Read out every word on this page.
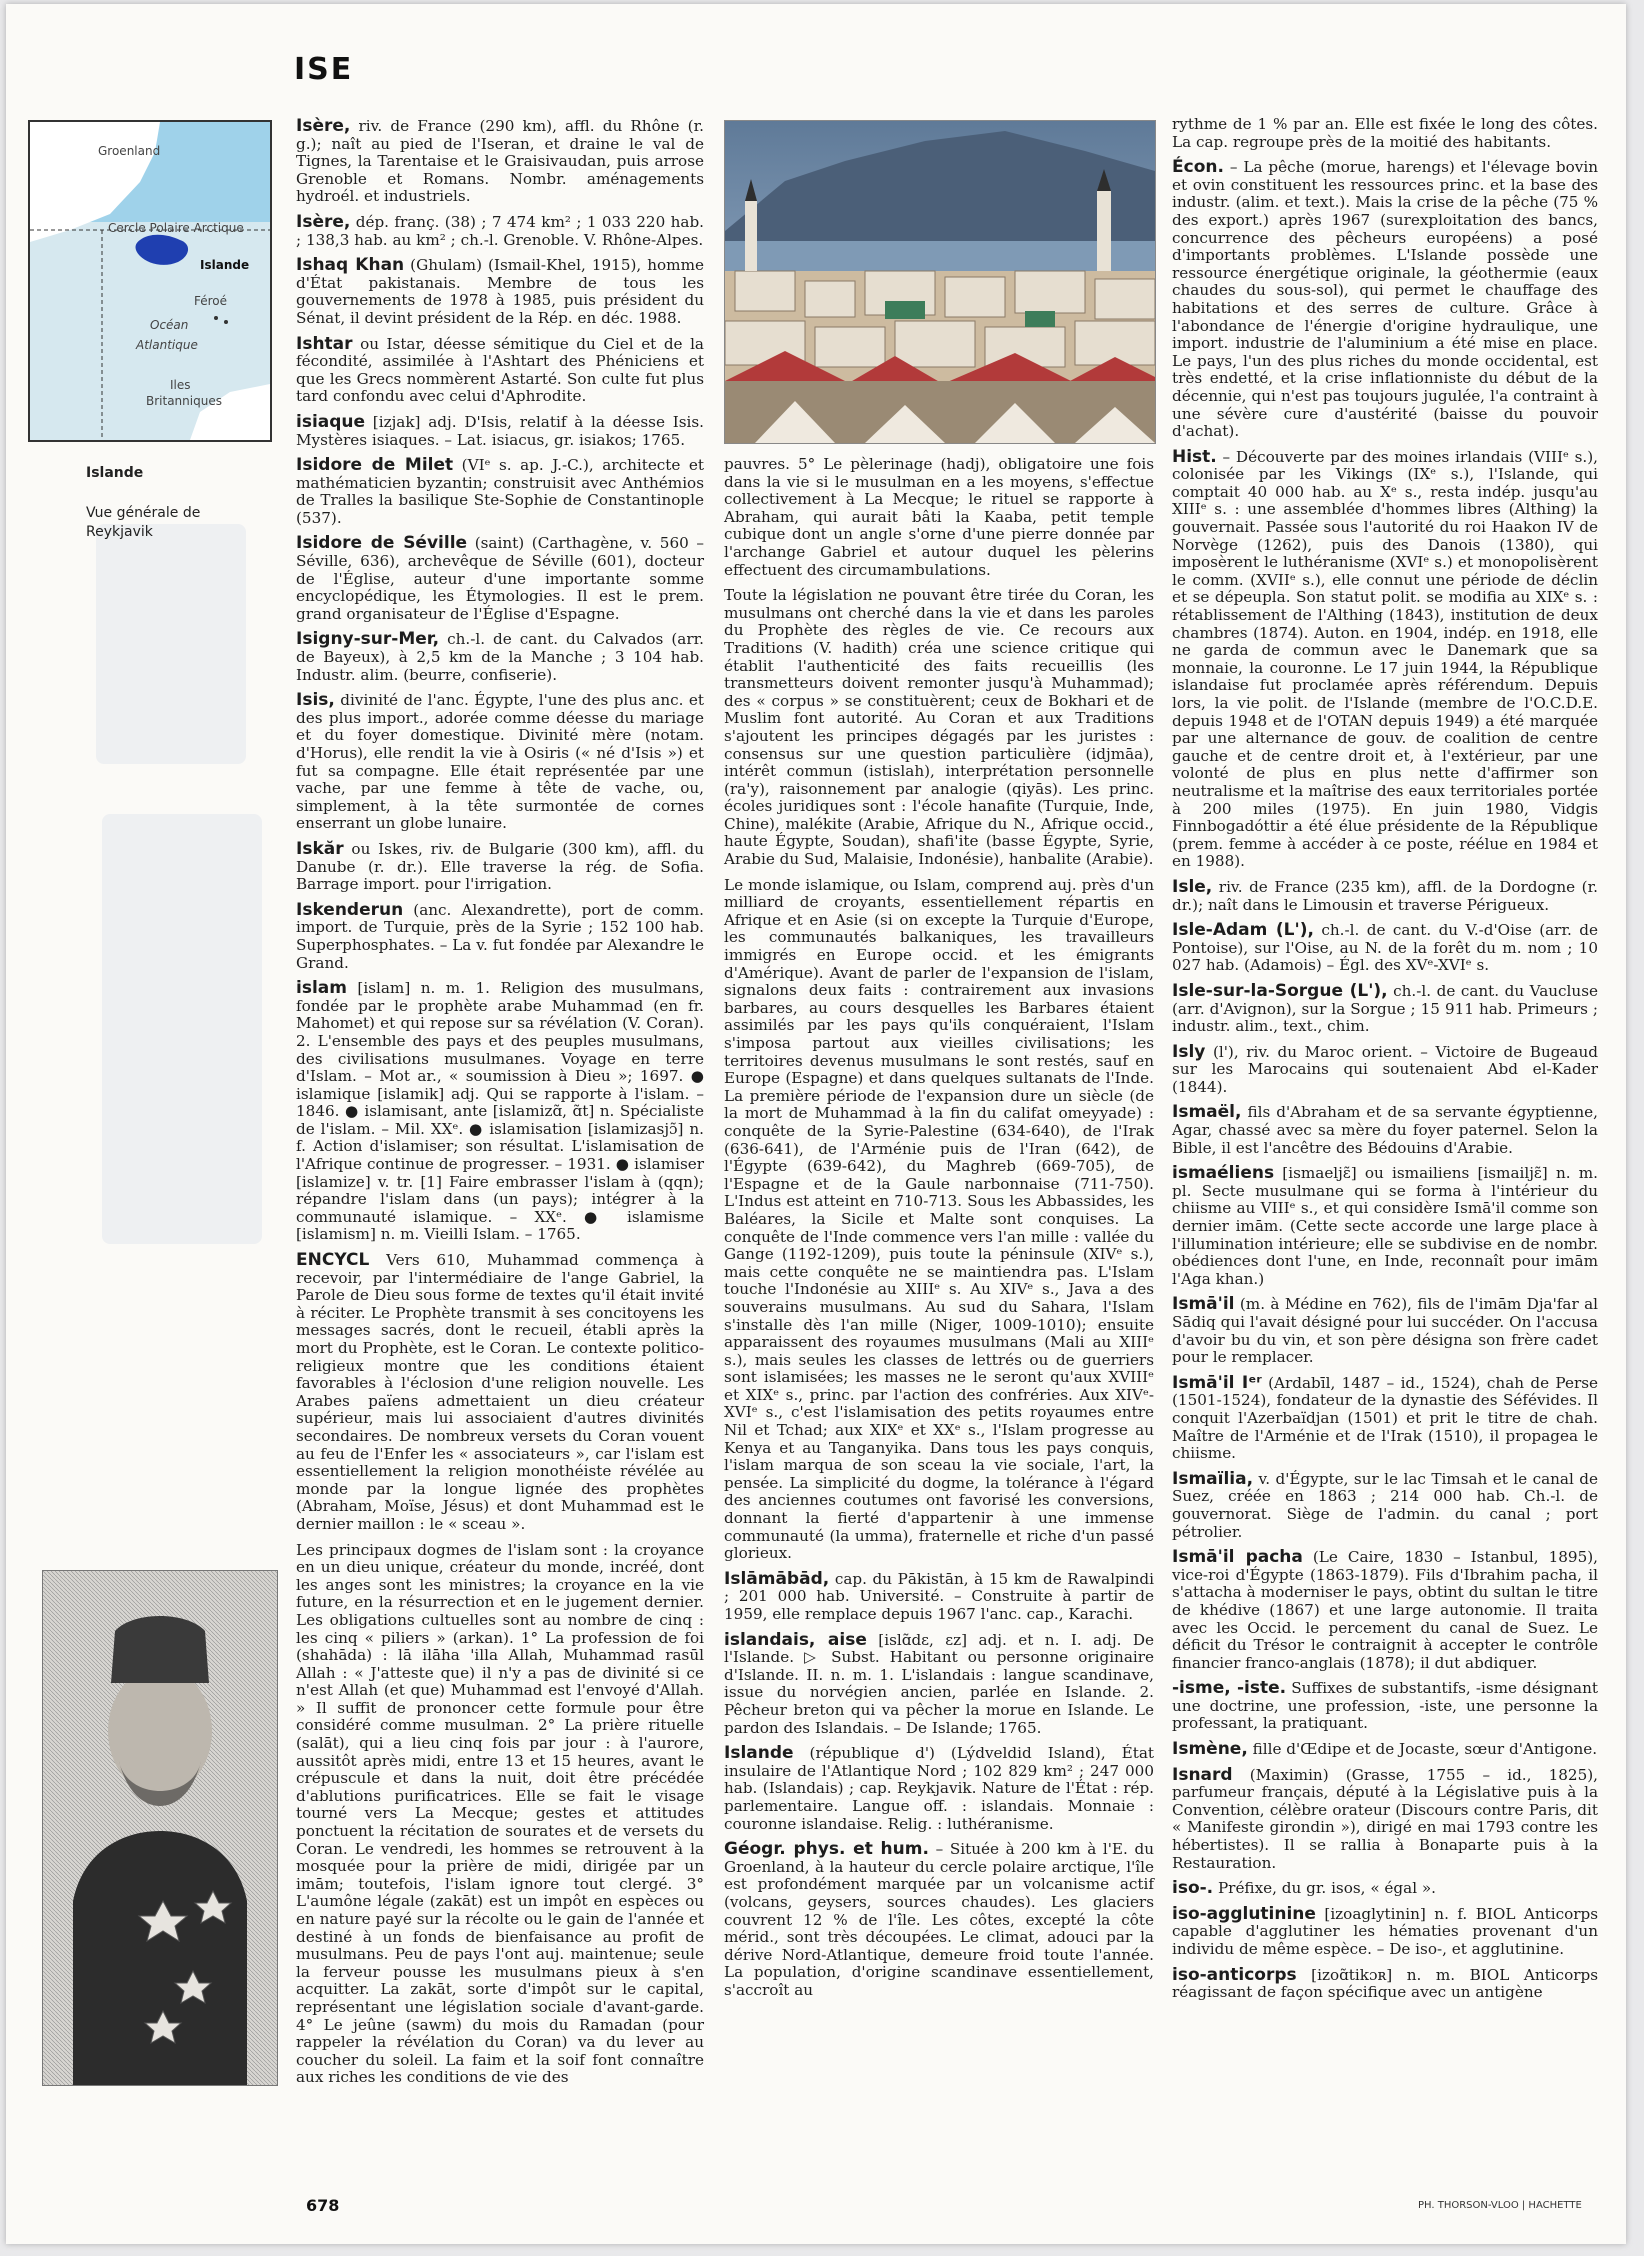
ISE
Groenland
Cercle Polaire Arctique
Islande
Féroé
Océan
Atlantique
Iles
Britanniques
Islande
Vue générale de Reykjavik

Isère, riv. de France (290 km), affl. du Rhône (r. g.); naît au pied de l'Iseran, et draine le val de Tignes, la Tarentaise et le Graisivaudan, puis arrose Grenoble et Romans. Nombr. aménagements hydroél. et industriels.

Isère, dép. franç. (38) ; 7 474 km² ; 1 033 220 hab. ; 138,3 hab. au km² ; ch.-l. Grenoble. V. Rhône-Alpes.

Ishaq Khan (Ghulam) (Ismail-Khel, 1915), homme d'État pakistanais. Membre de tous les gouvernements de 1978 à 1985, puis président du Sénat, il devint président de la Rép. en déc. 1988.

Ishtar ou Istar, déesse sémitique du Ciel et de la fécondité, assimilée à l'Ashtart des Phéniciens et que les Grecs nommèrent Astarté. Son culte fut plus tard confondu avec celui d'Aphrodite.

isiaque [izjak] adj. D'Isis, relatif à la déesse Isis. Mystères isiaques. – Lat. isiacus, gr. isiakos; 1765.

Isidore de Milet (VIᵉ s. ap. J.-C.), architecte et mathématicien byzantin; construisit avec Anthémios de Tralles la basilique Ste-Sophie de Constantinople (537).

Isidore de Séville (saint) (Carthagène, v. 560 – Séville, 636), archevêque de Séville (601), docteur de l'Église, auteur d'une importante somme encyclopédique, les Étymologies. Il est le prem. grand organisateur de l'Église d'Espagne.

Isigny-sur-Mer, ch.-l. de cant. du Calvados (arr. de Bayeux), à 2,5 km de la Manche ; 3 104 hab. Industr. alim. (beurre, confiserie).

Isis, divinité de l'anc. Égypte, l'une des plus anc. et des plus import., adorée comme déesse du mariage et du foyer domestique. Divinité mère (notam. d'Horus), elle rendit la vie à Osiris (« né d'Isis ») et fut sa compagne. Elle était représentée par une vache, par une femme à tête de vache, ou, simplement, à la tête surmontée de cornes enserrant un globe lunaire.

Iskăr ou Iskes, riv. de Bulgarie (300 km), affl. du Danube (r. dr.). Elle traverse la rég. de Sofia. Barrage import. pour l'irrigation.

Iskenderun (anc. Alexandrette), port de comm. import. de Turquie, près de la Syrie ; 152 100 hab. Superphosphates. – La v. fut fondée par Alexandre le Grand.

islam [islam] n. m. 1. Religion des musulmans, fondée par le prophète arabe Muhammad (en fr. Mahomet) et qui repose sur sa révélation (V. Coran). 2. L'ensemble des pays et des peuples musulmans, des civilisations musulmanes. Voyage en terre d'Islam. – Mot ar., « soumission à Dieu »; 1697. ● islamique [islamik] adj. Qui se rapporte à l'islam. – 1846. ● islamisant, ante [islamizɑ̃, ɑ̃t] n. Spécialiste de l'islam. – Mil. XXᵉ. ● islamisation [islamizasjɔ̃] n. f. Action d'islamiser; son résultat. L'islamisation de l'Afrique continue de progresser. – 1931. ● islamiser [islamize] v. tr. [1] Faire embrasser l'islam à (qqn); répandre l'islam dans (un pays); intégrer à la communauté islamique. – XXᵉ. ● islamisme [islamism] n. m. Vieilli Islam. – 1765.

ENCYCL Vers 610, Muhammad commença à recevoir, par l'intermédiaire de l'ange Gabriel, la Parole de Dieu sous forme de textes qu'il était invité à réciter. Le Prophète transmit à ses concitoyens les messages sacrés, dont le recueil, établi après la mort du Prophète, est le Coran. Le contexte politico-religieux montre que les conditions étaient favorables à l'éclosion d'une religion nouvelle. Les Arabes païens admettaient un dieu créateur supérieur, mais lui associaient d'autres divinités secondaires. De nombreux versets du Coran vouent au feu de l'Enfer les « associateurs », car l'islam est essentiellement la religion monothéiste révélée au monde par la longue lignée des prophètes (Abraham, Moïse, Jésus) et dont Muhammad est le dernier maillon : le « sceau ».

Les principaux dogmes de l'islam sont : la croyance en un dieu unique, créateur du monde, incréé, dont les anges sont les ministres; la croyance en la vie future, en la résurrection et en le jugement dernier. Les obligations cultuelles sont au nombre de cinq : les cinq « piliers » (arkan). 1° La profession de foi (shahāda) : lā ilāha 'illa Allah, Muhammad rasūl Allah : « J'atteste que) il n'y a pas de divinité si ce n'est Allah (et que) Muhammad est l'envoyé d'Allah. » Il suffit de prononcer cette formule pour être considéré comme musulman. 2° La prière rituelle (salāt), qui a lieu cinq fois par jour : à l'aurore, aussitôt après midi, entre 13 et 15 heures, avant le crépuscule et dans la nuit, doit être précédée d'ablutions purificatrices. Elle se fait le visage tourné vers La Mecque; gestes et attitudes ponctuent la récitation de sourates et de versets du Coran. Le vendredi, les hommes se retrouvent à la mosquée pour la prière de midi, dirigée par un imām; toutefois, l'islam ignore tout clergé. 3° L'aumône légale (zakāt) est un impôt en espèces ou en nature payé sur la récolte ou le gain de l'année et destiné à un fonds de bienfaisance au profit de musulmans. Peu de pays l'ont auj. maintenue; seule la ferveur pousse les musulmans pieux à s'en acquitter. La zakāt, sorte d'impôt sur le capital, représentant une législation sociale d'avant-garde. 4° Le jeûne (sawm) du mois du Ramadan (pour rappeler la révélation du Coran) va du lever au coucher du soleil. La faim et la soif font connaître aux riches les conditions de vie des

pauvres. 5° Le pèlerinage (hadj), obligatoire une fois dans la vie si le musulman en a les moyens, s'effectue collectivement à La Mecque; le rituel se rapporte à Abraham, qui aurait bâti la Kaaba, petit temple cubique dont un angle s'orne d'une pierre donnée par l'archange Gabriel et autour duquel les pèlerins effectuent des circumambulations.

Toute la législation ne pouvant être tirée du Coran, les musulmans ont cherché dans la vie et dans les paroles du Prophète des règles de vie. Ce recours aux Traditions (V. hadith) créa une science critique qui établit l'authenticité des faits recueillis (les transmetteurs doivent remonter jusqu'à Muhammad); des « corpus » se constituèrent; ceux de Bokhari et de Muslim font autorité. Au Coran et aux Traditions s'ajoutent les principes dégagés par les juristes : consensus sur une question particulière (idjmāa), intérêt commun (istislah), interprétation personnelle (ra'y), raisonnement par analogie (qiyās). Les princ. écoles juridiques sont : l'école hanafite (Turquie, Inde, Chine), malékite (Arabie, Afrique du N., Afrique occid., haute Égypte, Soudan), shafi'ite (basse Égypte, Syrie, Arabie du Sud, Malaisie, Indonésie), hanbalite (Arabie).

Le monde islamique, ou Islam, comprend auj. près d'un milliard de croyants, essentiellement répartis en Afrique et en Asie (si on excepte la Turquie d'Europe, les communautés balkaniques, les travailleurs immigrés en Europe occid. et les émigrants d'Amérique). Avant de parler de l'expansion de l'islam, signalons deux faits : contrairement aux invasions barbares, au cours desquelles les Barbares étaient assimilés par les pays qu'ils conquéraient, l'Islam s'imposa partout aux vieilles civilisations; les territoires devenus musulmans le sont restés, sauf en Europe (Espagne) et dans quelques sultanats de l'Inde. La première période de l'expansion dure un siècle (de la mort de Muhammad à la fin du califat omeyyade) : conquête de la Syrie-Palestine (634-640), de l'Irak (636-641), de l'Arménie puis de l'Iran (642), de l'Égypte (639-642), du Maghreb (669-705), de l'Espagne et de la Gaule narbonnaise (711-750). L'Indus est atteint en 710-713. Sous les Abbassides, les Baléares, la Sicile et Malte sont conquises. La conquête de l'Inde commence vers l'an mille : vallée du Gange (1192-1209), puis toute la péninsule (XIVᵉ s.), mais cette conquête ne se maintiendra pas. L'Islam touche l'Indonésie au XIIIᵉ s. Au XIVᵉ s., Java a des souverains musulmans. Au sud du Sahara, l'Islam s'installe dès l'an mille (Niger, 1009-1010); ensuite apparaissent des royaumes musulmans (Mali au XIIIᵉ s.), mais seules les classes de lettrés ou de guerriers sont islamisées; les masses ne le seront qu'aux XVIIIᵉ et XIXᵉ s., princ. par l'action des confréries. Aux XIVᵉ-XVIᵉ s., c'est l'islamisation des petits royaumes entre Nil et Tchad; aux XIXᵉ et XXᵉ s., l'Islam progresse au Kenya et au Tanganyika. Dans tous les pays conquis, l'islam marqua de son sceau la vie sociale, l'art, la pensée. La simplicité du dogme, la tolérance à l'égard des anciennes coutumes ont favorisé les conversions, donnant la fierté d'appartenir à une immense communauté (la umma), fraternelle et riche d'un passé glorieux.

Islāmābād, cap. du Pākistān, à 15 km de Rawalpindi ; 201 000 hab. Université. – Construite à partir de 1959, elle remplace depuis 1967 l'anc. cap., Karachi.

islandais, aise [islɑ̃dɛ, ɛz] adj. et n. I. adj. De l'Islande. ▷ Subst. Habitant ou personne originaire d'Islande. II. n. m. 1. L'islandais : langue scandinave, issue du norvégien ancien, parlée en Islande. 2. Pêcheur breton qui va pêcher la morue en Islande. Le pardon des Islandais. – De Islande; 1765.

Islande (république d') (Lýdveldid Island), État insulaire de l'Atlantique Nord ; 102 829 km² ; 247 000 hab. (Islandais) ; cap. Reykjavik. Nature de l'État : rép. parlementaire. Langue off. : islandais. Monnaie : couronne islandaise. Relig. : luthéranisme.

Géogr. phys. et hum. – Située à 200 km à l'E. du Groenland, à la hauteur du cercle polaire arctique, l'île est profondément marquée par un volcanisme actif (volcans, geysers, sources chaudes). Les glaciers couvrent 12 % de l'île. Les côtes, excepté la côte mérid., sont très découpées. Le climat, adouci par la dérive Nord-Atlantique, demeure froid toute l'année. La population, d'origine scandinave essentiellement, s'accroît au

rythme de 1 % par an. Elle est fixée le long des côtes. La cap. regroupe près de la moitié des habitants.

Écon. – La pêche (morue, harengs) et l'élevage bovin et ovin constituent les ressources princ. et la base des industr. (alim. et text.). Mais la crise de la pêche (75 % des export.) après 1967 (surexploitation des bancs, concurrence des pêcheurs européens) a posé d'importants problèmes. L'Islande possède une ressource énergétique originale, la géothermie (eaux chaudes du sous-sol), qui permet le chauffage des habitations et des serres de culture. Grâce à l'abondance de l'énergie d'origine hydraulique, une import. industrie de l'aluminium a été mise en place. Le pays, l'un des plus riches du monde occidental, est très endetté, et la crise inflationniste du début de la décennie, qui n'est pas toujours jugulée, l'a contraint à une sévère cure d'austérité (baisse du pouvoir d'achat).

Hist. – Découverte par des moines irlandais (VIIIᵉ s.), colonisée par les Vikings (IXᵉ s.), l'Islande, qui comptait 40 000 hab. au Xᵉ s., resta indép. jusqu'au XIIIᵉ s. : une assemblée d'hommes libres (Althing) la gouvernait. Passée sous l'autorité du roi Haakon IV de Norvège (1262), puis des Danois (1380), qui imposèrent le luthéranisme (XVIᵉ s.) et monopolisèrent le comm. (XVIIᵉ s.), elle connut une période de déclin et se dépeupla. Son statut polit. se modifia au XIXᵉ s. : rétablissement de l'Althing (1843), institution de deux chambres (1874). Auton. en 1904, indép. en 1918, elle ne garda de commun avec le Danemark que sa monnaie, la couronne. Le 17 juin 1944, la République islandaise fut proclamée après référendum. Depuis lors, la vie polit. de l'Islande (membre de l'O.C.D.E. depuis 1948 et de l'OTAN depuis 1949) a été marquée par une alternance de gouv. de coalition de centre gauche et de centre droit et, à l'extérieur, par une volonté de plus en plus nette d'affirmer son neutralisme et la maîtrise des eaux territoriales portée à 200 miles (1975). En juin 1980, Vidgis Finnbogadóttir a été élue présidente de la République (prem. femme à accéder à ce poste, réélue en 1984 et en 1988).

Isle, riv. de France (235 km), affl. de la Dordogne (r. dr.); naît dans le Limousin et traverse Périgueux.

Isle-Adam (L'), ch.-l. de cant. du V.-d'Oise (arr. de Pontoise), sur l'Oise, au N. de la forêt du m. nom ; 10 027 hab. (Adamois) – Égl. des XVᵉ-XVIᵉ s.

Isle-sur-la-Sorgue (L'), ch.-l. de cant. du Vaucluse (arr. d'Avignon), sur la Sorgue ; 15 911 hab. Primeurs ; industr. alim., text., chim.

Isly (l'), riv. du Maroc orient. – Victoire de Bugeaud sur les Marocains qui soutenaient Abd el-Kader (1844).

Ismaël, fils d'Abraham et de sa servante égyptienne, Agar, chassé avec sa mère du foyer paternel. Selon la Bible, il est l'ancêtre des Bédouins d'Arabie.

ismaéliens [ismaeljɛ̃] ou ismailiens [ismailjɛ̃] n. m. pl. Secte musulmane qui se forma à l'intérieur du chiisme au VIIIᵉ s., et qui considère Ismā'il comme son dernier imām. (Cette secte accorde une large place à l'illumination intérieure; elle se subdivise en de nombr. obédiences dont l'une, en Inde, reconnaît pour imām l'Aga khan.)

Ismā'il (m. à Médine en 762), fils de l'imām Dja'far al Sādiq qui l'avait désigné pour lui succéder. On l'accusa d'avoir bu du vin, et son père désigna son frère cadet pour le remplacer.

Ismā'il Iᵉʳ (Ardabīl, 1487 – id., 1524), chah de Perse (1501-1524), fondateur de la dynastie des Séfévides. Il conquit l'Azerbaïdjan (1501) et prit le titre de chah. Maître de l'Arménie et de l'Irak (1510), il propagea le chiisme.

Ismaïlia, v. d'Égypte, sur le lac Timsah et le canal de Suez, créée en 1863 ; 214 000 hab. Ch.-l. de gouvernorat. Siège de l'admin. du canal ; port pétrolier.

Ismā'il pacha (Le Caire, 1830 – Istanbul, 1895), vice-roi d'Égypte (1863-1879). Fils d'Ibrahim pacha, il s'attacha à moderniser le pays, obtint du sultan le titre de khédive (1867) et une large autonomie. Il traita avec les Occid. le percement du canal de Suez. Le déficit du Trésor le contraignit à accepter le contrôle financier franco-anglais (1878); il dut abdiquer.

-isme, -iste. Suffixes de substantifs, -isme désignant une doctrine, une profession, -iste, une personne la professant, la pratiquant.

Ismène, fille d'Œdipe et de Jocaste, sœur d'Antigone.

Isnard (Maximin) (Grasse, 1755 – id., 1825), parfumeur français, député à la Législative puis à la Convention, célèbre orateur (Discours contre Paris, dit « Manifeste girondin »), dirigé en mai 1793 contre les hébertistes). Il se rallia à Bonaparte puis à la Restauration.

iso-. Préfixe, du gr. isos, « égal ».

iso-agglutinine [izoaglytinin] n. f. BIOL Anticorps capable d'agglutiner les hématies provenant d'un individu de même espèce. – De iso-, et agglutinine.

iso-anticorps [izoɑ̃tikɔʀ] n. m. BIOL Anticorps réagissant de façon spécifique avec un antigène

678	PH. THORSON-VLOO | HACHETTE
